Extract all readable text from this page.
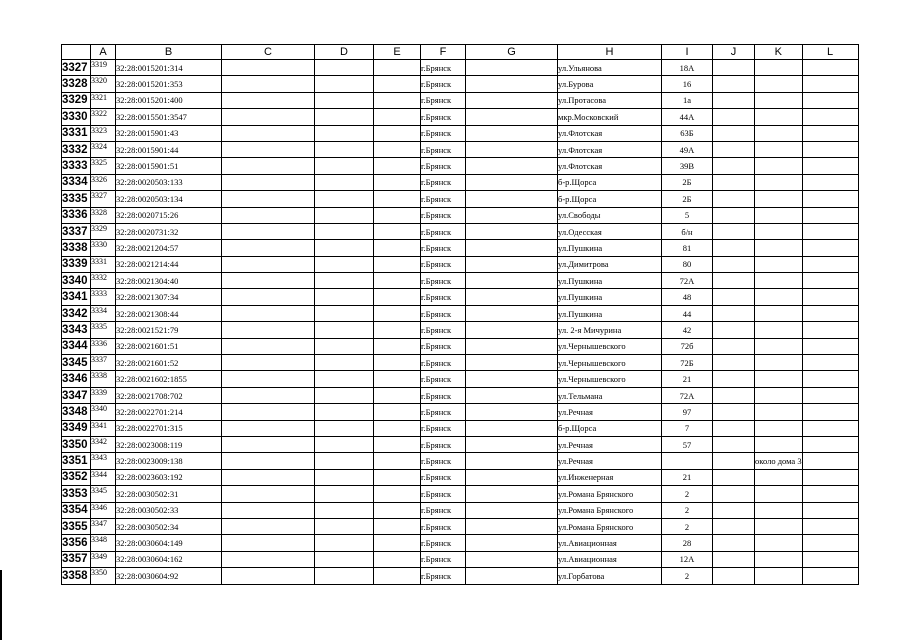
	A	B	C	D	E	F	G	H	I	J	K	L
3327	3319	32:28:0015201:314				г.Брянск		ул.Ульянова	18А			
3328	3320	32:28:0015201:353				г.Брянск		ул.Бурова	16			
3329	3321	32:28:0015201:400				г.Брянск		ул.Протасова	1а			
3330	3322	32:28:0015501:3547				г.Брянск		мкр.Московский	44А			
3331	3323	32:28:0015901:43				г.Брянск		ул.Флотская	63Б			
3332	3324	32:28:0015901:44				г.Брянск		ул.Флотская	49А			
3333	3325	32:28:0015901:51				г.Брянск		ул.Флотская	39В			
3334	3326	32:28:0020503:133				г.Брянск		б-р.Щорса	2Б			
3335	3327	32:28:0020503:134				г.Брянск		б-р.Щорса	2Б			
3336	3328	32:28:0020715:26				г.Брянск		ул.Свободы	5			
3337	3329	32:28:0020731:32				г.Брянск		ул.Одесская	б/н			
3338	3330	32:28:0021204:57				г.Брянск		ул.Пушкина	81			
3339	3331	32:28:0021214:44				г.Брянск		ул.Димитрова	80			
3340	3332	32:28:0021304:40				г.Брянск		ул.Пушкина	72А			
3341	3333	32:28:0021307:34				г.Брянск		ул.Пушкина	48			
3342	3334	32:28:0021308:44				г.Брянск		ул.Пушкина	44			
3343	3335	32:28:0021521:79				г.Брянск		ул. 2-я Мичурина	42			
3344	3336	32:28:0021601:51				г.Брянск		ул.Чернышевского	72б			
3345	3337	32:28:0021601:52				г.Брянск		ул.Чернышевского	72Б			
3346	3338	32:28:0021602:1855				г.Брянск		ул.Чернышевского	21			
3347	3339	32:28:0021708:702				г.Брянск		ул.Тельмана	72А			
3348	3340	32:28:0022701:214				г.Брянск		ул.Речная	97			
3349	3341	32:28:0022701:315				г.Брянск		б-р.Щорса	7			
3350	3342	32:28:0023008:119				г.Брянск		ул.Речная	57			
3351	3343	32:28:0023009:138				г.Брянск		ул.Речная			около дома 3	
3352	3344	32:28:0023603:192				г.Брянск		ул.Инженерная	21			
3353	3345	32:28:0030502:31				г.Брянск		ул.Романа Брянского	2			
3354	3346	32:28:0030502:33				г.Брянск		ул.Романа Брянского	2			
3355	3347	32:28:0030502:34				г.Брянск		ул.Романа Брянского	2			
3356	3348	32:28:0030604:149				г.Брянск		ул.Авиационная	28			
3357	3349	32:28:0030604:162				г.Брянск		ул.Авиационная	12А			
3358	3350	32:28:0030604:92				г.Брянск		ул.Горбатова	2			
